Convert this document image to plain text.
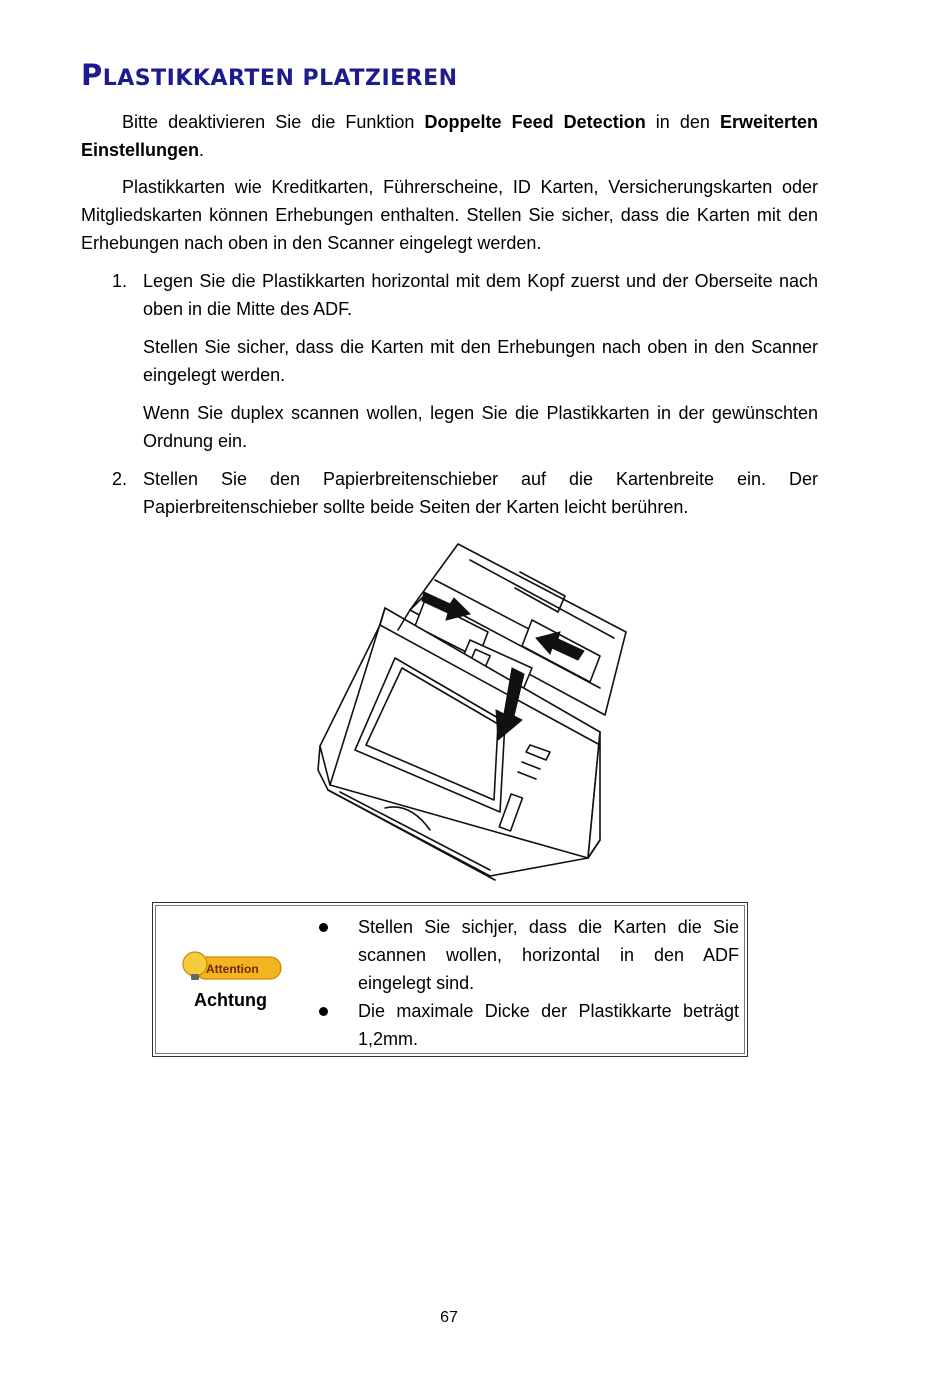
PLASTIKKARTEN PLATZIEREN

Bitte deaktivieren Sie die Funktion Doppelte Feed Detection in den Erweiterten Einstellungen.

Plastikkarten wie Kreditkarten, Führerscheine, ID Karten, Versicherungskarten oder Mitgliedskarten können Erhebungen enthalten. Stellen Sie sicher, dass die Karten mit den Erhebungen nach oben in den Scanner eingelegt werden.

1. Legen Sie die Plastikkarten horizontal mit dem Kopf zuerst und der Oberseite nach oben in die Mitte des ADF.

Stellen Sie sicher, dass die Karten mit den Erhebungen nach oben in den Scanner eingelegt werden.

Wenn Sie duplex scannen wollen, legen Sie die Plastikkarten in der gewünschten Ordnung ein.

2. Stellen Sie den Papierbreitenschieber auf die Kartenbreite ein. Der Papierbreitenschieber sollte beide Seiten der Karten leicht berühren.

Attention
Achtung

Stellen Sie sichjer, dass die Karten die Sie scannen wollen, horizontal in den ADF eingelegt sind.

Die maximale Dicke der Plastikkarte beträgt 1,2mm.

67
